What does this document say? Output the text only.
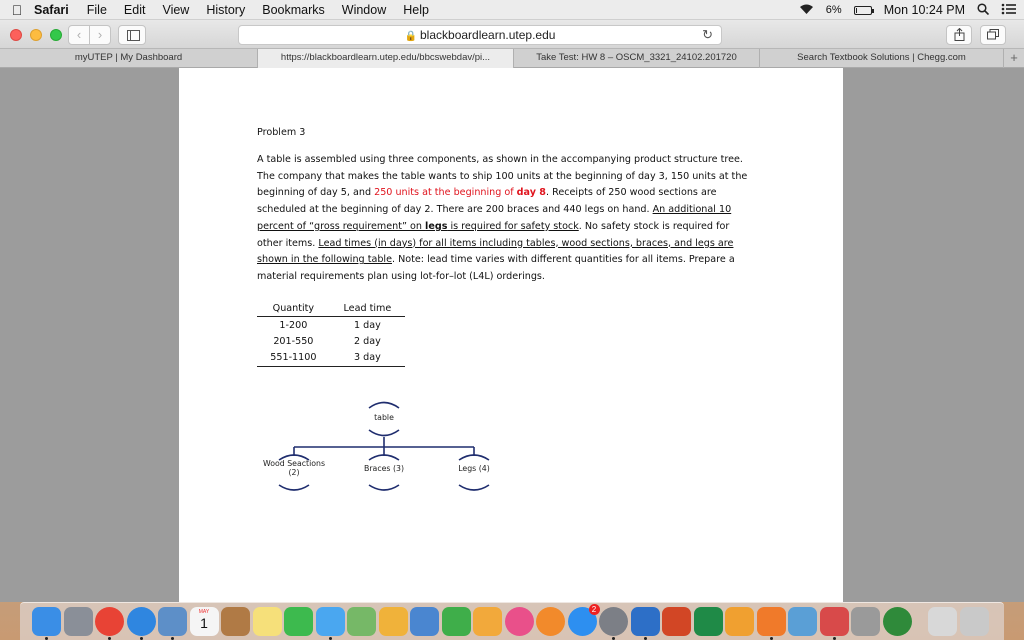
Safari File Edit View History Bookmarks Window Help	6%	Mon 10:24 PM
‹	›	🔒 blackboardlearn.utep.edu	↻
myUTEP | My Dashboard	https://blackboardlearn.utep.edu/bbcswebdav/pi...	Take Test: HW 8 – OSCM_3321_24102.201720	Search Textbook Solutions | Chegg.com	+
Problem 3

A table is assembled using three components, as shown in the accompanying product structure tree. The company that makes the table wants to ship 100 units at the beginning of day 3, 150 units at the beginning of day 5, and 250 units at the beginning of day 8. Receipts of 250 wood sections are scheduled at the beginning of day 2. There are 200 braces and 440 legs on hand. An additional 10 percent of “gross requirement” on legs is required for safety stock. No safety stock is required for other items. Lead times (in days) for all items including tables, wood sections, braces, and legs are shown in the following table. Note: lead time varies with different quantities for all items. Prepare a material requirements plan using lot-for–lot (L4L) orderings.

Quantity	Lead time
1-200	1 day
201-550	2 day
551-1100	3 day
table
Wood Seactions
(2)	Braces (3)	Legs (4)
MAY
1
2
